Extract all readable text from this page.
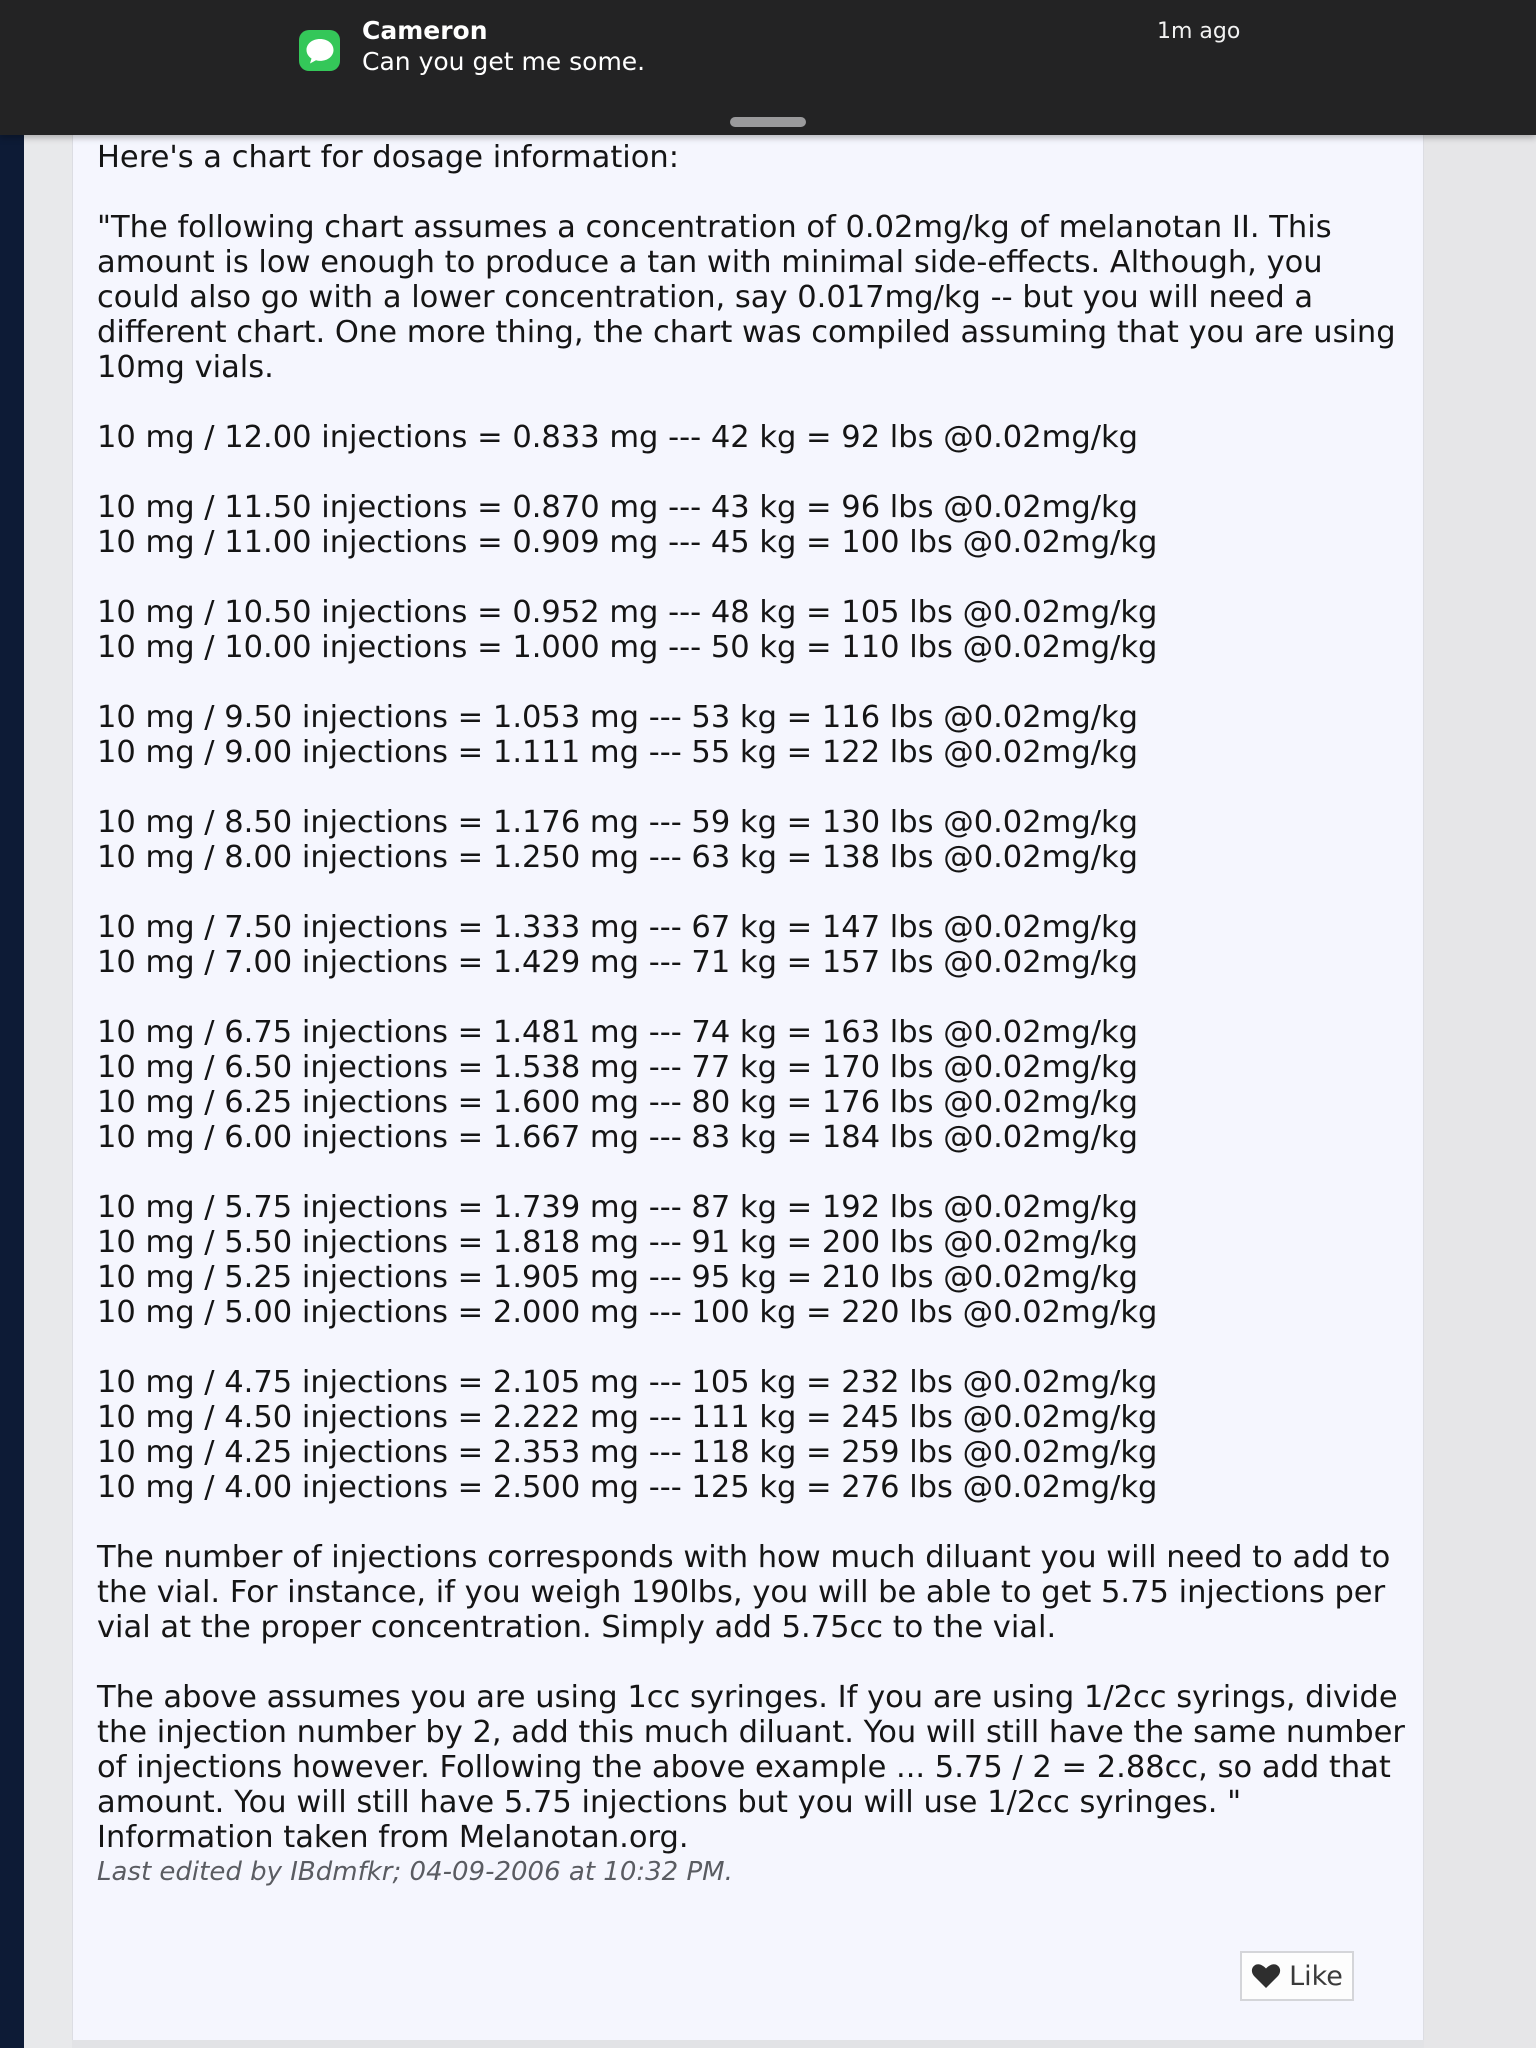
Here's a chart for dosage information:
"The following chart assumes a concentration of 0.02mg/kg of melanotan II. This amount is low enough to produce a tan with minimal side-effects. Although, you could also go with a lower concentration, say 0.017mg/kg -- but you will need a different chart. One more thing, the chart was compiled assuming that you are using 10mg vials.
10 mg / 12.00 injections = 0.833 mg --- 42 kg = 92 lbs @0.02mg/kg
10 mg / 11.50 injections = 0.870 mg --- 43 kg = 96 lbs @0.02mg/kg
10 mg / 11.00 injections = 0.909 mg --- 45 kg = 100 lbs @0.02mg/kg
10 mg / 10.50 injections = 0.952 mg --- 48 kg = 105 lbs @0.02mg/kg
10 mg / 10.00 injections = 1.000 mg --- 50 kg = 110 lbs @0.02mg/kg
10 mg / 9.50 injections = 1.053 mg --- 53 kg = 116 lbs @0.02mg/kg
10 mg / 9.00 injections = 1.111 mg --- 55 kg = 122 lbs @0.02mg/kg
10 mg / 8.50 injections = 1.176 mg --- 59 kg = 130 lbs @0.02mg/kg
10 mg / 8.00 injections = 1.250 mg --- 63 kg = 138 lbs @0.02mg/kg
10 mg / 7.50 injections = 1.333 mg --- 67 kg = 147 lbs @0.02mg/kg
10 mg / 7.00 injections = 1.429 mg --- 71 kg = 157 lbs @0.02mg/kg
10 mg / 6.75 injections = 1.481 mg --- 74 kg = 163 lbs @0.02mg/kg
10 mg / 6.50 injections = 1.538 mg --- 77 kg = 170 lbs @0.02mg/kg
10 mg / 6.25 injections = 1.600 mg --- 80 kg = 176 lbs @0.02mg/kg
10 mg / 6.00 injections = 1.667 mg --- 83 kg = 184 lbs @0.02mg/kg
10 mg / 5.75 injections = 1.739 mg --- 87 kg = 192 lbs @0.02mg/kg
10 mg / 5.50 injections = 1.818 mg --- 91 kg = 200 lbs @0.02mg/kg
10 mg / 5.25 injections = 1.905 mg --- 95 kg = 210 lbs @0.02mg/kg
10 mg / 5.00 injections = 2.000 mg --- 100 kg = 220 lbs @0.02mg/kg
10 mg / 4.75 injections = 2.105 mg --- 105 kg = 232 lbs @0.02mg/kg
10 mg / 4.50 injections = 2.222 mg --- 111 kg = 245 lbs @0.02mg/kg
10 mg / 4.25 injections = 2.353 mg --- 118 kg = 259 lbs @0.02mg/kg
10 mg / 4.00 injections = 2.500 mg --- 125 kg = 276 lbs @0.02mg/kg
The number of injections corresponds with how much diluant you will need to add to the vial. For instance, if you weigh 190lbs, you will be able to get 5.75 injections per vial at the proper concentration. Simply add 5.75cc to the vial.
The above assumes you are using 1cc syringes. If you are using 1/2cc syrings, divide the injection number by 2, add this much diluant. You will still have the same number of injections however. Following the above example ... 5.75 / 2 = 2.88cc, so add that amount. You will still have 5.75 injections but you will use 1/2cc syringes. " Information taken from Melanotan.org.
Last edited by IBdmfkr; 04-09-2006 at 10:32 PM.
Like
Cameron
Can you get me some.
1m ago
